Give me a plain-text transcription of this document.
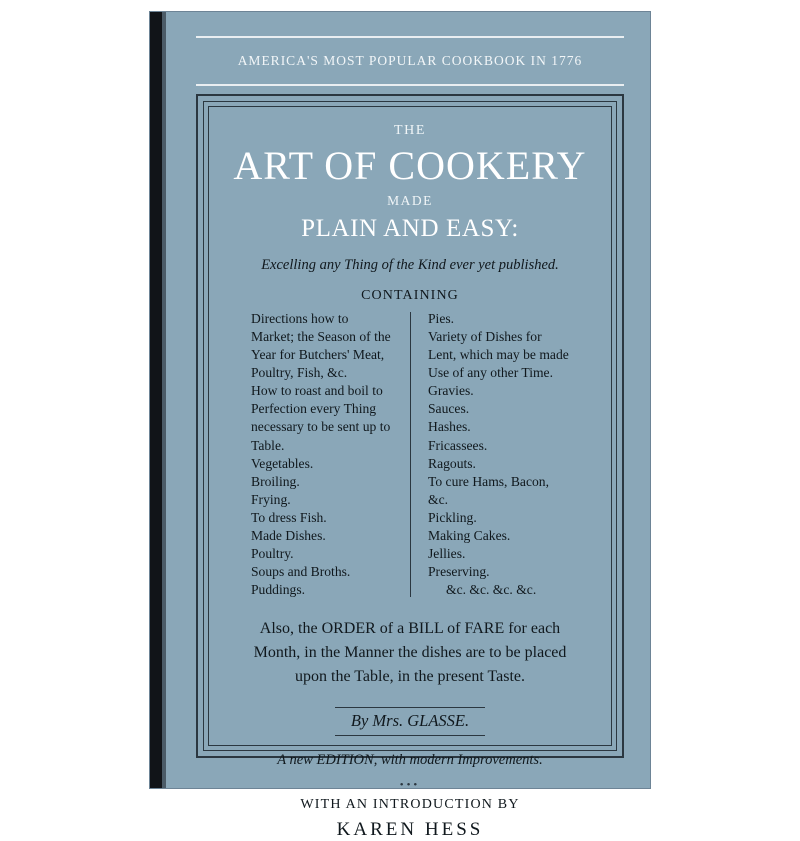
AMERICA'S MOST POPULAR COOKBOOK IN 1776
THE
ART OF COOKERY
MADE
PLAIN AND EASY:
Excelling any Thing of the Kind ever yet published.
CONTAINING

Directions how to Market; the Season of the Year for Butchers' Meat, Poultry, Fish, &c.

How to roast and boil to Perfection every Thing necessary to be sent up to Table.

Vegetables.

Broiling.

Frying.

To dress Fish.

Made Dishes.

Poultry.

Soups and Broths.

Puddings.

Pies.

Variety of Dishes for Lent, which may be made Use of any other Time.

Gravies.

Sauces.

Hashes.

Fricassees.

Ragouts.

To cure Hams, Bacon, &c.

Pickling.

Making Cakes.

Jellies.

Preserving.

&c. &c. &c. &c.

Also, the ORDER of a BILL of FARE for each Month, in the Manner the dishes are to be placed upon the Table, in the present Taste.
By Mrs. GLASSE.
A new EDITION, with modern Improvements.
•••
WITH AN INTRODUCTION BY
KAREN HESS
